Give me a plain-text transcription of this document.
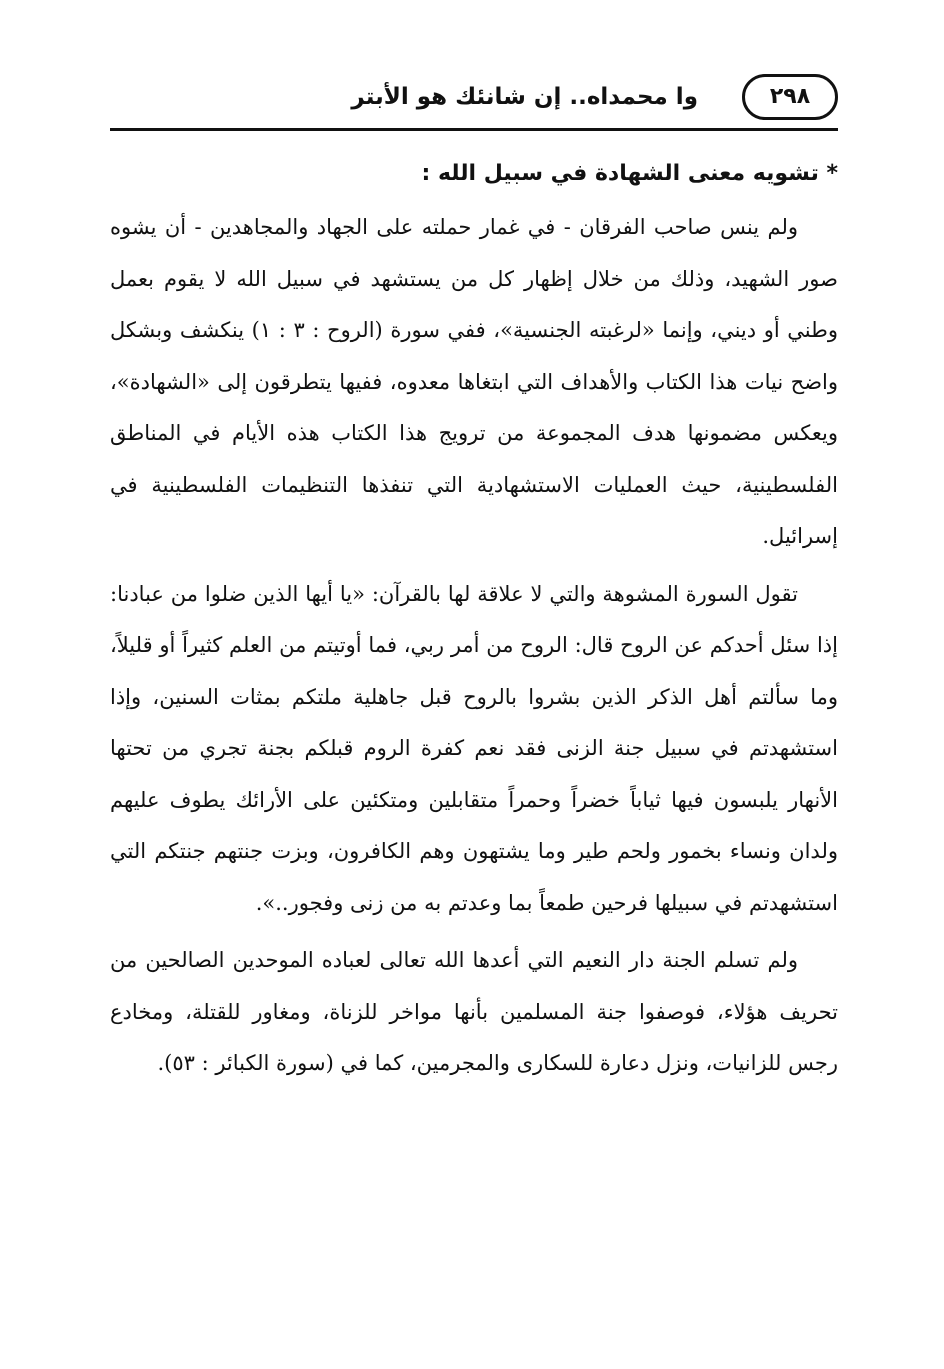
٢٩٨
وا محمداه.. إن شانئك هو الأبتر
* تشويه معنى الشهادة في سبيل الله :

ولم ينس صاحب الفرقان - في غمار حملته على الجهاد والمجاهدين - أن يشوه صور الشهيد، وذلك من خلال إظهار كل من يستشهد في سبيل الله لا يقوم بعمل وطني أو ديني، وإنما «لرغبته الجنسية»، ففي سورة (الروح : ٣ : ١) ينكشف وبشكل واضح نيات هذا الكتاب والأهداف التي ابتغاها معدوه، ففيها يتطرقون إلى «الشهادة»، ويعكس مضمونها هدف المجموعة من ترويج هذا الكتاب هذه الأيام في المناطق الفلسطينية، حيث العمليات الاستشهادية التي تنفذها التنظيمات الفلسطينية في إسرائيل.

تقول السورة المشوهة والتي لا علاقة لها بالقرآن: «يا أيها الذين ضلوا من عبادنا: إذا سئل أحدكم عن الروح قال: الروح من أمر ربي، فما أوتيتم من العلم كثيراً أو قليلاً، وما سألتم أهل الذكر الذين بشروا بالروح قبل جاهلية ملتكم بمثات السنين، وإذا استشهدتم في سبيل جنة الزنى فقد نعم كفرة الروم قبلكم بجنة تجري من تحتها الأنهار يلبسون فيها ثياباً خضراً وحمراً متقابلين ومتكئين على الأرائك يطوف عليهم ولدان ونساء بخمور ولحم طير وما يشتهون وهم الكافرون، وبزت جنتهم جنتكم التي استشهدتم في سبيلها فرحين طمعاً بما وعدتم به من زنى وفجور..».

ولم تسلم الجنة دار النعيم التي أعدها الله تعالى لعباده الموحدين الصالحين من تحريف هؤلاء، فوصفوا جنة المسلمين بأنها مواخر للزناة، ومغاور للقتلة، ومخادع رجس للزانيات، ونزل دعارة للسكارى والمجرمين، كما في (سورة الكبائر : ٥٣).
